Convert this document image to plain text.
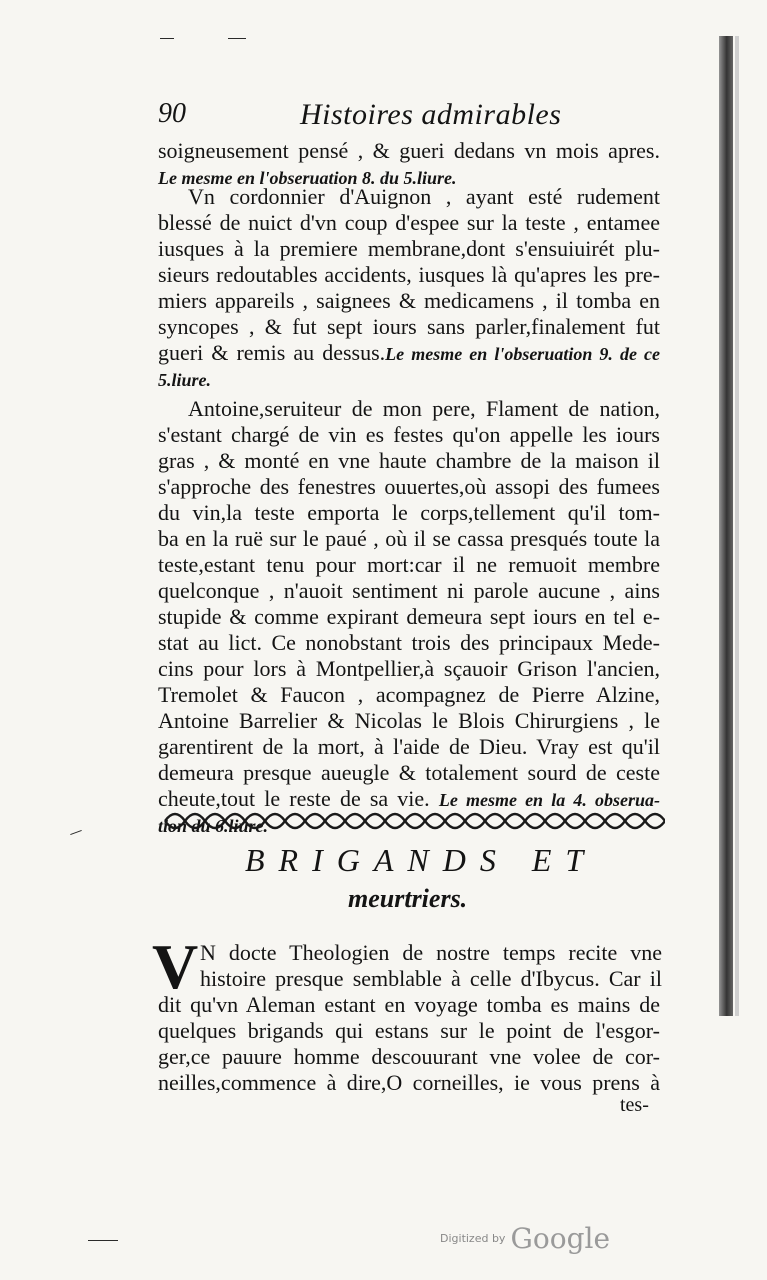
90	Histoires admirables
soigneusement pensé , & gueri dedans vn mois apres.
Le mesme en l'obseruation 8. du 5.liure.
Vn cordonnier d'Auignon , ayant esté rudement
blessé de nuict d'vn coup d'espee sur la teste , entamee
iusques à la premiere membrane,dont s'ensuiuirét plu-
sieurs redoutables accidents, iusques là qu'apres les pre-
miers appareils , saignees & medicamens , il tomba en
syncopes , & fut sept iours sans parler,finalement fut
gueri & remis au dessus.Le mesme en l'obseruation 9. de ce
5.liure.
Antoine,seruiteur de mon pere, Flament de nation,
s'estant chargé de vin es festes qu'on appelle les iours
gras , & monté en vne haute chambre de la maison il
s'approche des fenestres ouuertes,où assopi des fumees
du vin,la teste emporta le corps,tellement qu'il tom-
ba en la ruë sur le paué , où il se cassa presqués toute la
teste,estant tenu pour mort:car il ne remuoit membre
quelconque , n'auoit sentiment ni parole aucune , ains
stupide & comme expirant demeura sept iours en tel e-
stat au lict. Ce nonobstant trois des principaux Mede-
cins pour lors à Montpellier,à sçauoir Grison l'ancien,
Tremolet & Faucon , acompagnez de Pierre Alzine,
Antoine Barrelier & Nicolas le Blois Chirurgiens , le
garentirent de la mort, à l'aide de Dieu. Vray est qu'il
demeura presque aueugle & totalement sourd de ceste
cheute,tout le reste de sa vie. Le mesme en la 4. obserua-
tion du 6.liure.
BRIGANDS ET
meurtriers.
V N docte Theologien de nostre temps recite vne
histoire presque semblable à celle d'Ibycus. Car il
dit qu'vn Aleman estant en voyage tomba es mains de
quelques brigands qui estans sur le point de l'esgor-
ger,ce pauure homme descouurant vne volee de cor-
neilles,commence à dire,O corneilles, ie vous prens à
tes-
Digitized by Google
